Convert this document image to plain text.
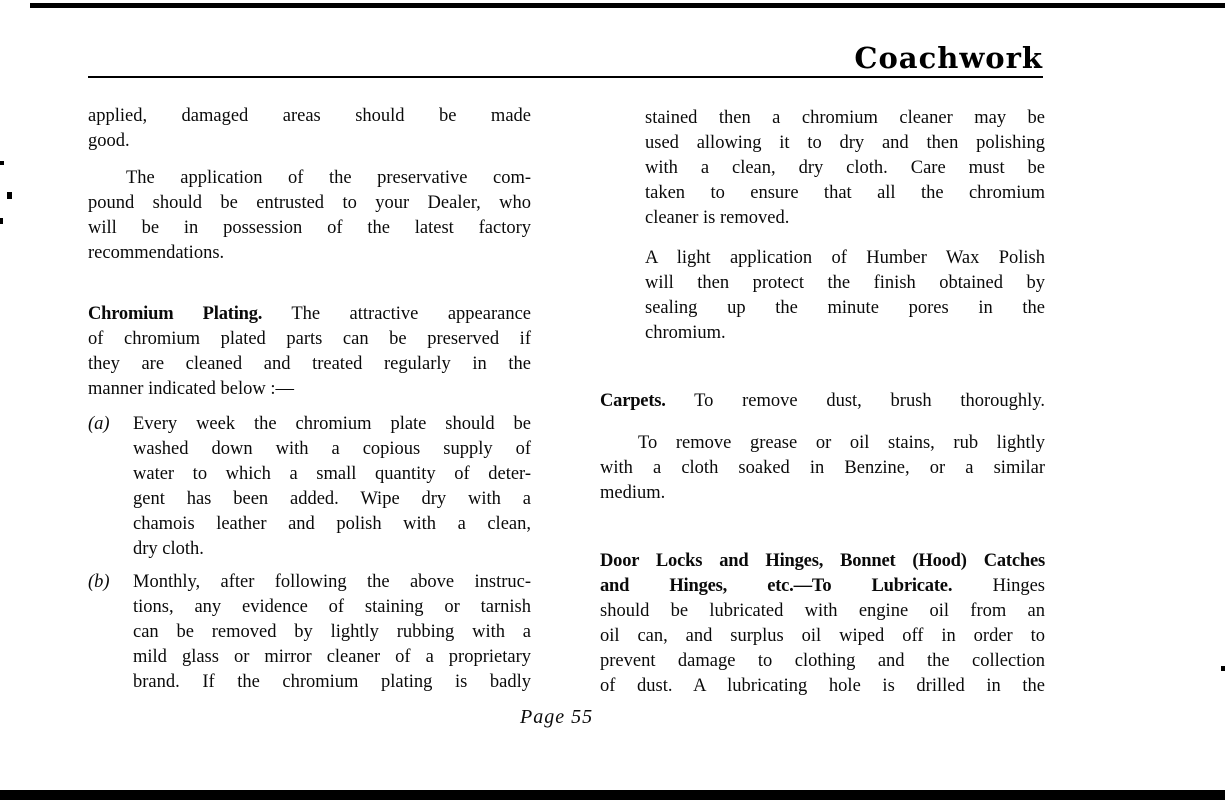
Coachwork
applied, damaged areas should be made
good.
The application of the preservative com-
pound should be entrusted to your Dealer, who
will be in possession of the latest factory
recommendations.
Chromium Plating. The attractive appearance
of chromium plated parts can be preserved if
they are cleaned and treated regularly in the
manner indicated below :—
(a) Every week the chromium plate should be
washed down with a copious supply of
water to which a small quantity of deter-
gent has been added. Wipe dry with a
chamois leather and polish with a clean,
dry cloth.
(b) Monthly, after following the above instruc-
tions, any evidence of staining or tarnish
can be removed by lightly rubbing with a
mild glass or mirror cleaner of a proprietary
brand. If the chromium plating is badly
stained then a chromium cleaner may be
used allowing it to dry and then polishing
with a clean, dry cloth. Care must be
taken to ensure that all the chromium
cleaner is removed.
A light application of Humber Wax Polish
will then protect the finish obtained by
sealing up the minute pores in the
chromium.
Carpets. To remove dust, brush thoroughly.
To remove grease or oil stains, rub lightly
with a cloth soaked in Benzine, or a similar
medium.
Door Locks and Hinges, Bonnet (Hood) Catches
and Hinges, etc.—To Lubricate. Hinges
should be lubricated with engine oil from an
oil can, and surplus oil wiped off in order to
prevent damage to clothing and the collection
of dust. A lubricating hole is drilled in the
Page 55
